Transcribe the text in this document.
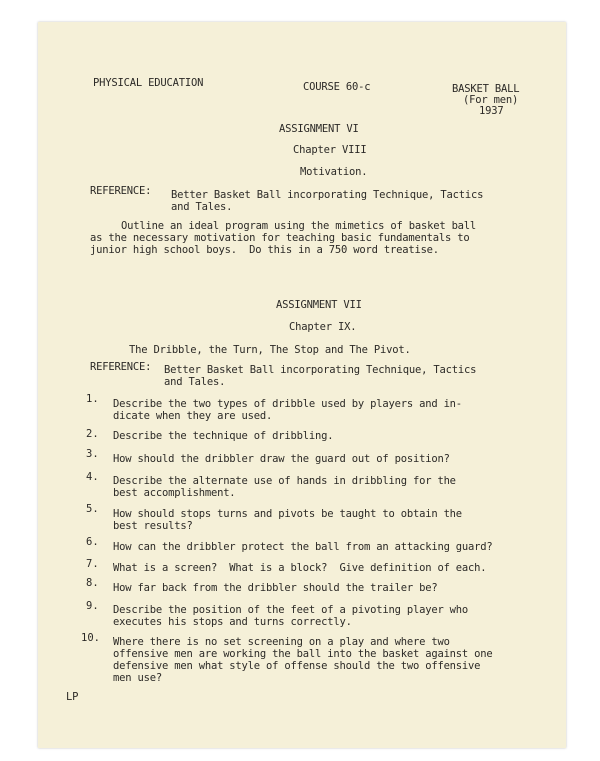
PHYSICAL EDUCATION	COURSE 60-c	BASKET BALL

(For men)

1937

ASSIGNMENT VI

Chapter VIII

Motivation.

REFERENCE: Better Basket Ball incorporating Technique, Tactics

and Tales.

Outline an ideal program using the mimetics of basket ball

as the necessary motivation for teaching basic fundamentals to

junior high school boys.  Do this in a 750 word treatise.

ASSIGNMENT VII

Chapter IX.

The Dribble, the Turn, The Stop and The Pivot.

REFERENCE: Better Basket Ball incorporating Technique, Tactics

and Tales.

1. Describe the two types of dribble used by players and in-
dicate when they are used.
2. Describe the technique of dribbling.
3. How should the dribbler draw the guard out of position?
4. Describe the alternate use of hands in dribbling for the
best accomplishment.
5. How should stops turns and pivots be taught to obtain the
best results?
6. How can the dribbler protect the ball from an attacking guard?
7. What is a screen?  What is a block?  Give definition of each.
8. How far back from the dribbler should the trailer be?
9. Describe the position of the feet of a pivoting player who
executes his stops and turns correctly.
10. Where there is no set screening on a play and where two
offensive men are working the ball into the basket against one
defensive men what style of offense should the two offensive
men use?

LP
